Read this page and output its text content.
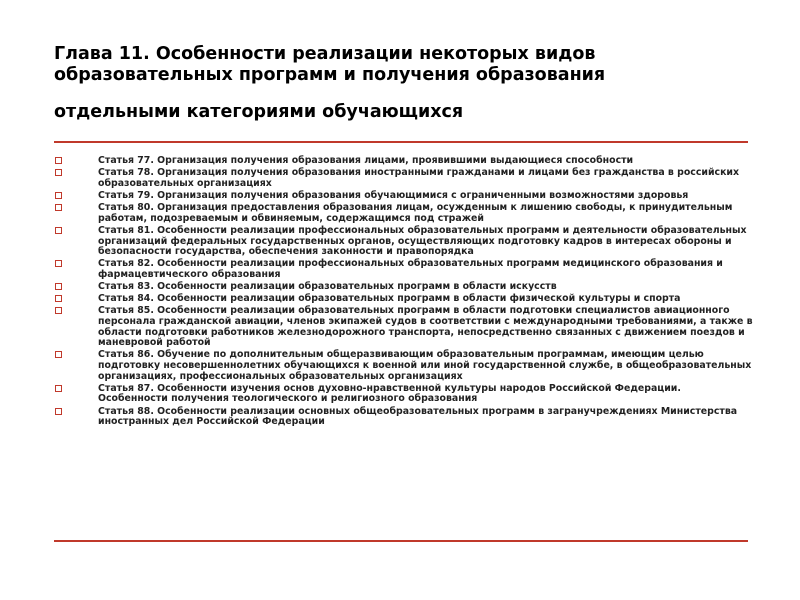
Глава 11. Особенности реализации некоторых видов
образовательных программ и получения образования
отдельными категориями обучающихся
Статья 77. Организация получения образования лицами, проявившими выдающиеся способности
Статья 78. Организация получения образования иностранными гражданами и лицами без гражданства в российских образовательных организациях
Статья 79. Организация получения образования обучающимися с ограниченными возможностями здоровья
Статья 80. Организация предоставления образования лицам, осужденным к лишению свободы, к принудительным работам, подозреваемым и обвиняемым, содержащимся под стражей
Статья 81. Особенности реализации профессиональных образовательных программ и деятельности образовательных организаций федеральных государственных органов, осуществляющих подготовку кадров в интересах обороны и безопасности государства, обеспечения законности и правопорядка
Статья 82. Особенности реализации профессиональных образовательных программ медицинского образования и фармацевтического образования
Статья 83. Особенности реализации образовательных программ в области искусств
Статья 84. Особенности реализации образовательных программ в области физической культуры и спорта
Статья 85. Особенности реализации образовательных программ в области подготовки специалистов авиационного персонала гражданской авиации, членов экипажей судов в соответствии с международными требованиями, а также в области подготовки работников железнодорожного транспорта, непосредственно связанных с движением поездов и маневровой работой
Статья 86. Обучение по дополнительным общеразвивающим образовательным программам, имеющим целью подготовку несовершеннолетних обучающихся к военной или иной государственной службе, в общеобразовательных организациях, профессиональных образовательных организациях
Статья 87. Особенности изучения основ духовно-нравственной культуры народов Российской Федерации. Особенности получения теологического и религиозного образования
Статья 88. Особенности реализации основных общеобразовательных программ в загранучреждениях Министерства иностранных дел Российской Федерации
